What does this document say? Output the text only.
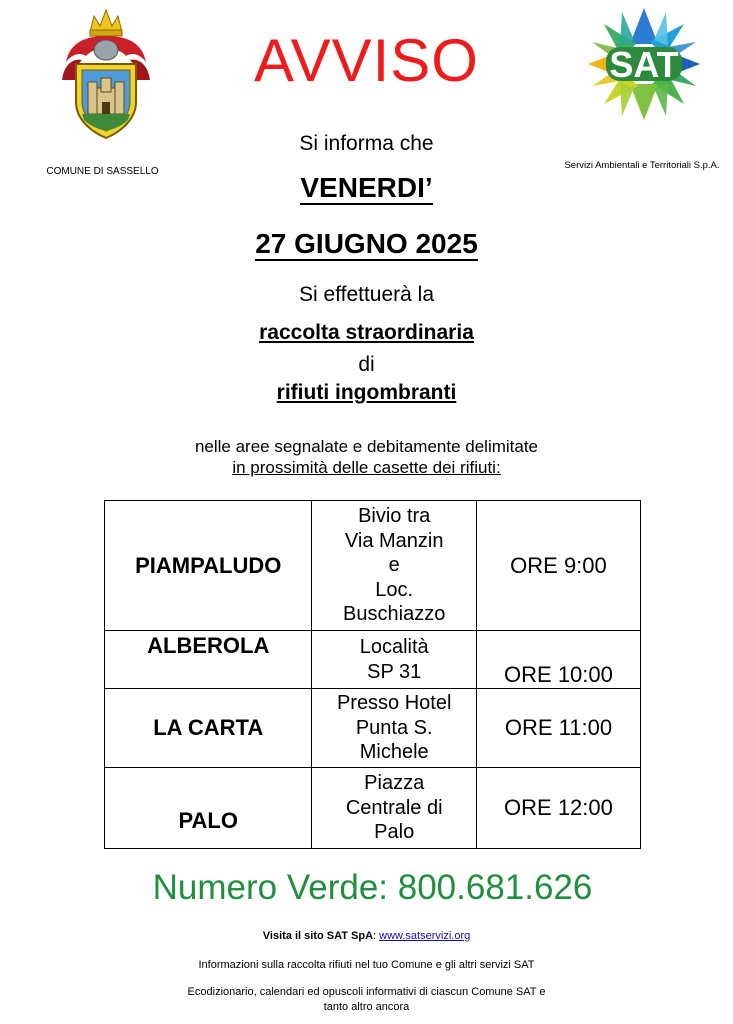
COMUNE DI SASSELLO
SAT
Servizi Ambientali e Territoriali S.p.A.
AVVISO
Si informa che
VENERDI’
27 GIUGNO 2025
Si effettuerà la
raccolta straordinaria
di
rifiuti ingombranti
nelle aree segnalate e debitamente delimitate
in prossimità delle casette dei rifiuti:
PIAMPALUDO	Bivio tra
Via Manzin
e
Loc.
Buschiazzo	ORE 9:00
ALBEROLA	Località
SP 31	ORE 10:00
LA CARTA	Presso Hotel
Punta S.
Michele	ORE 11:00
PALO	Piazza
Centrale di
Palo	ORE 12:00
Numero Verde: 800.681.626
Visita il sito SAT SpA: www.satservizi.org
Informazioni sulla raccolta rifiuti nel tuo Comune e gli altri servizi SAT
Ecodizionario, calendari ed opuscoli informativi di ciascun Comune SAT e
tanto altro ancora
